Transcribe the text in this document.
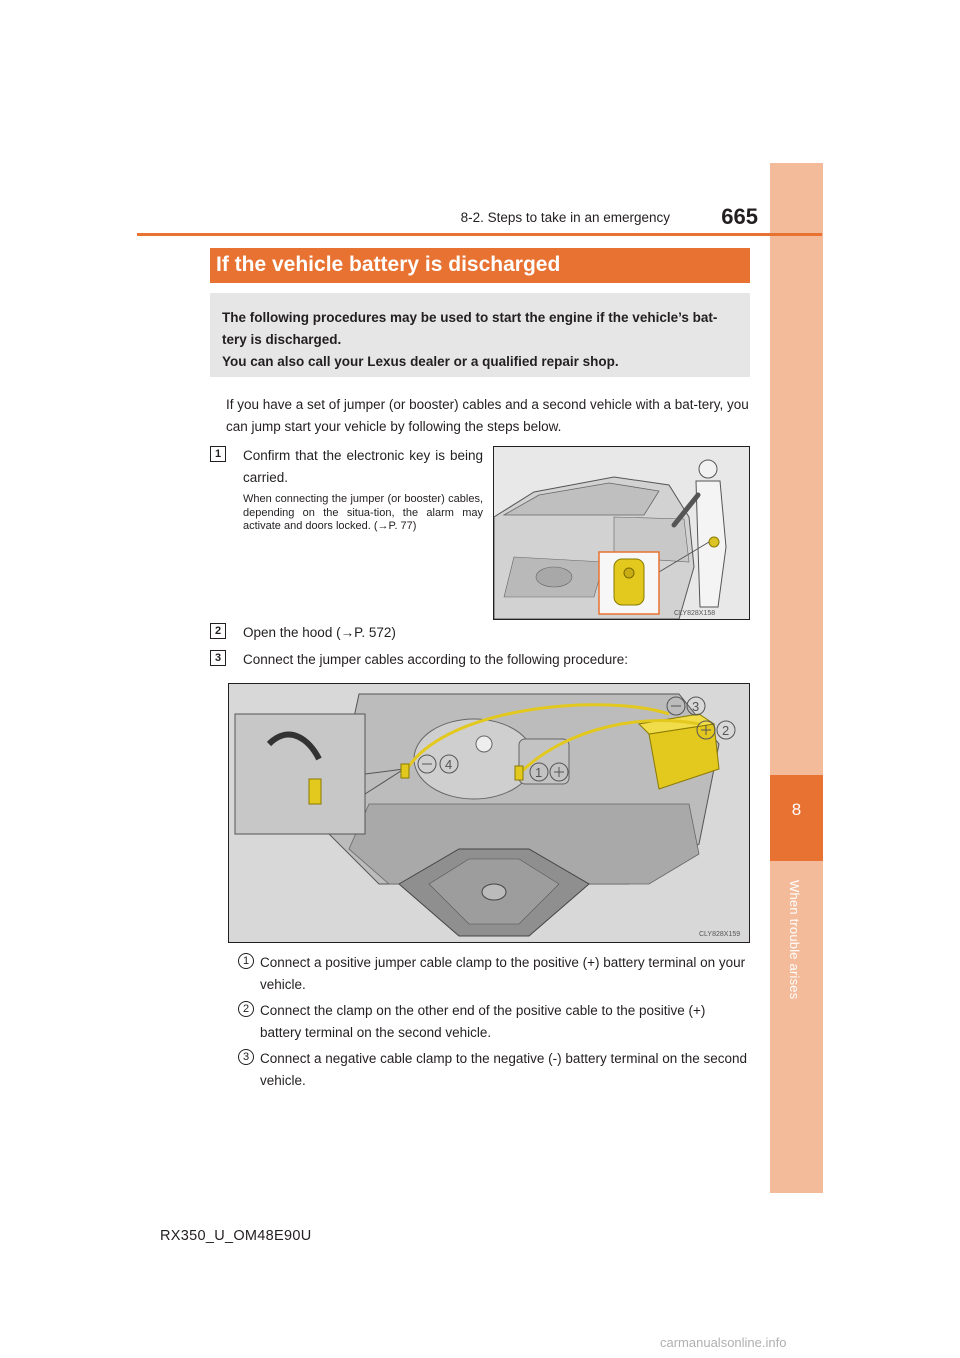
8
When trouble arises
8-2. Steps to take in an emergency	665
If the vehicle battery is discharged
The following procedures may be used to start the engine if the vehicle’s bat-
tery is discharged.
You can also call your Lexus dealer or a qualified repair shop.
If you have a set of jumper (or booster) cables and a second vehicle with a bat-tery, you can jump start your vehicle by following the steps below.
1	Confirm that the electronic key is being carried.
When connecting the jumper (or booster) cables, depending on the situa-tion, the alarm may activate and doors locked. (→P. 77)
CLY828X158
2	Open the hood (→P. 572)
3	Connect the jumper cables according to the following procedure:
3
2
4
1
CLY828X159
1 Connect a positive jumper cable clamp to the positive (+) battery terminal on your vehicle.
2 Connect the clamp on the other end of the positive cable to the positive (+) battery terminal on the second vehicle.
3 Connect a negative cable clamp to the negative (-) battery terminal on the second vehicle.
RX350_U_OM48E90U
carmanualsonline.info
